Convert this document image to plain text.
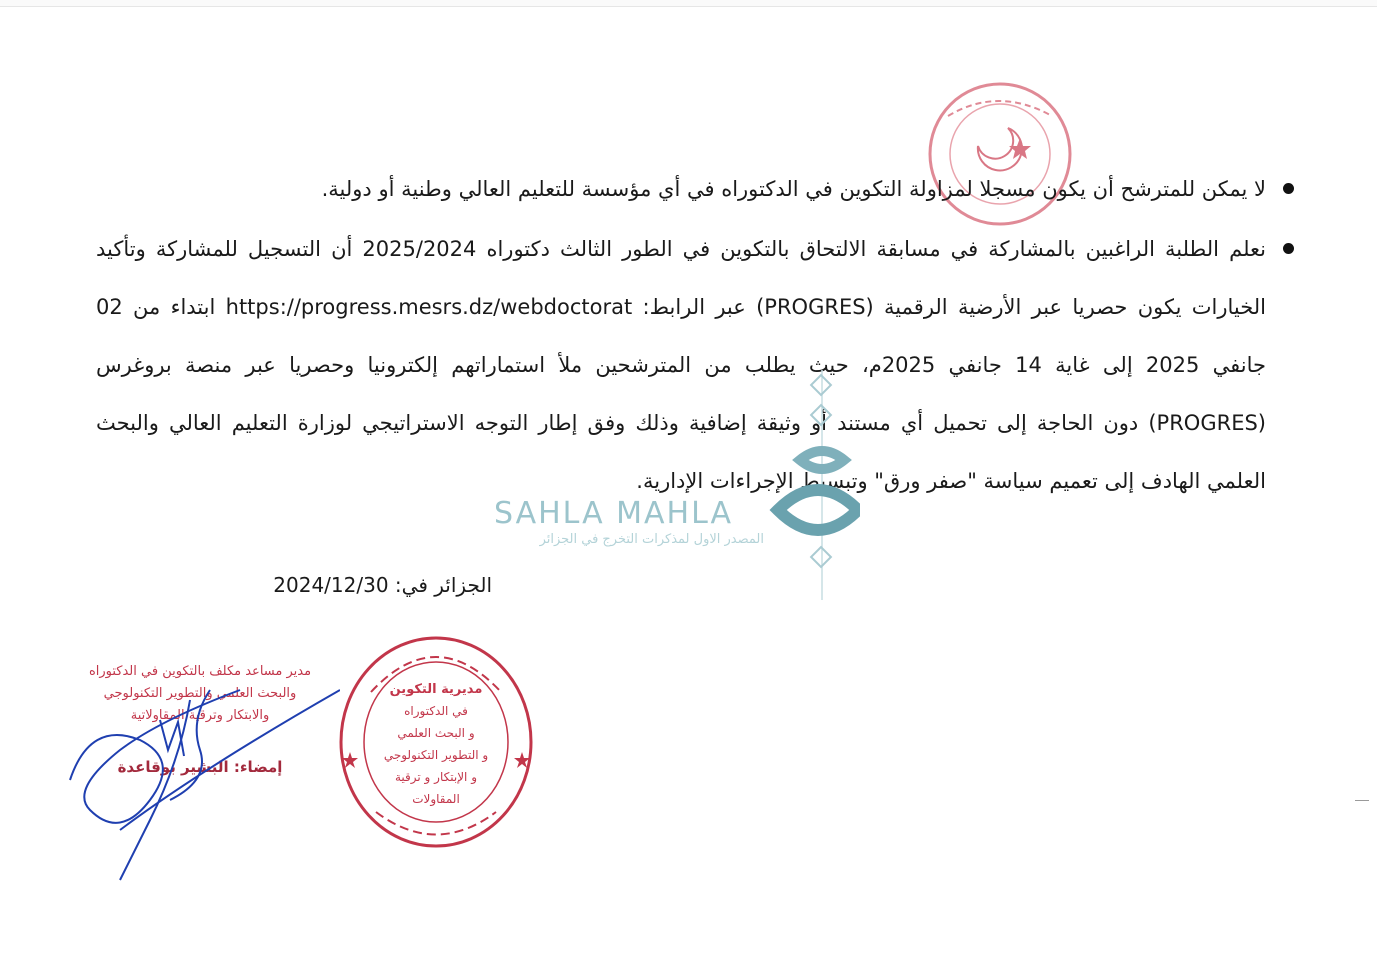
لا يمكن للمترشح أن يكون مسجلا لمزاولة التكوين في الدكتوراه في أي مؤسسة للتعليم العالي وطنية أو دولية.

نعلم الطلبة الراغبين بالمشاركة في مسابقة الالتحاق بالتكوين في الطور الثالث دكتوراه 2025/2024 أن التسجيل للمشاركة وتأكيد الخيارات يكون حصريا عبر الأرضية الرقمية (PROGRES) عبر الرابط: https://progress.mesrs.dz/webdoctorat ابتداء من 02 جانفي 2025 إلى غاية 14 جانفي 2025م، حيث يطلب من المترشحين ملأ استماراتهم إلكترونيا وحصريا عبر منصة بروغرس (PROGRES) دون الحاجة إلى تحميل أي مستند أو وثيقة إضافية وذلك وفق إطار التوجه الاستراتيجي لوزارة التعليم العالي والبحث العلمي الهادف إلى تعميم سياسة "صفر ورق" وتبسيط الإجراءات الإدارية.

SAHLA MAHLA
المصدر الاول لمذكرات التخرج في الجزائر
الجزائر في: 2024/12/30
مديرية التكوين
في الدكتوراه
و البحث العلمي
و التطوير التكنولوجي
و الإبتكار و ترقية
المقاولات
مدير مساعد مكلف بالتكوين في الدكتوراه
والبحث العلمي والتطوير التكنولوجي
والابتكار وترقية المقاولاتية
إمضاء: البشير بوقاعدة
